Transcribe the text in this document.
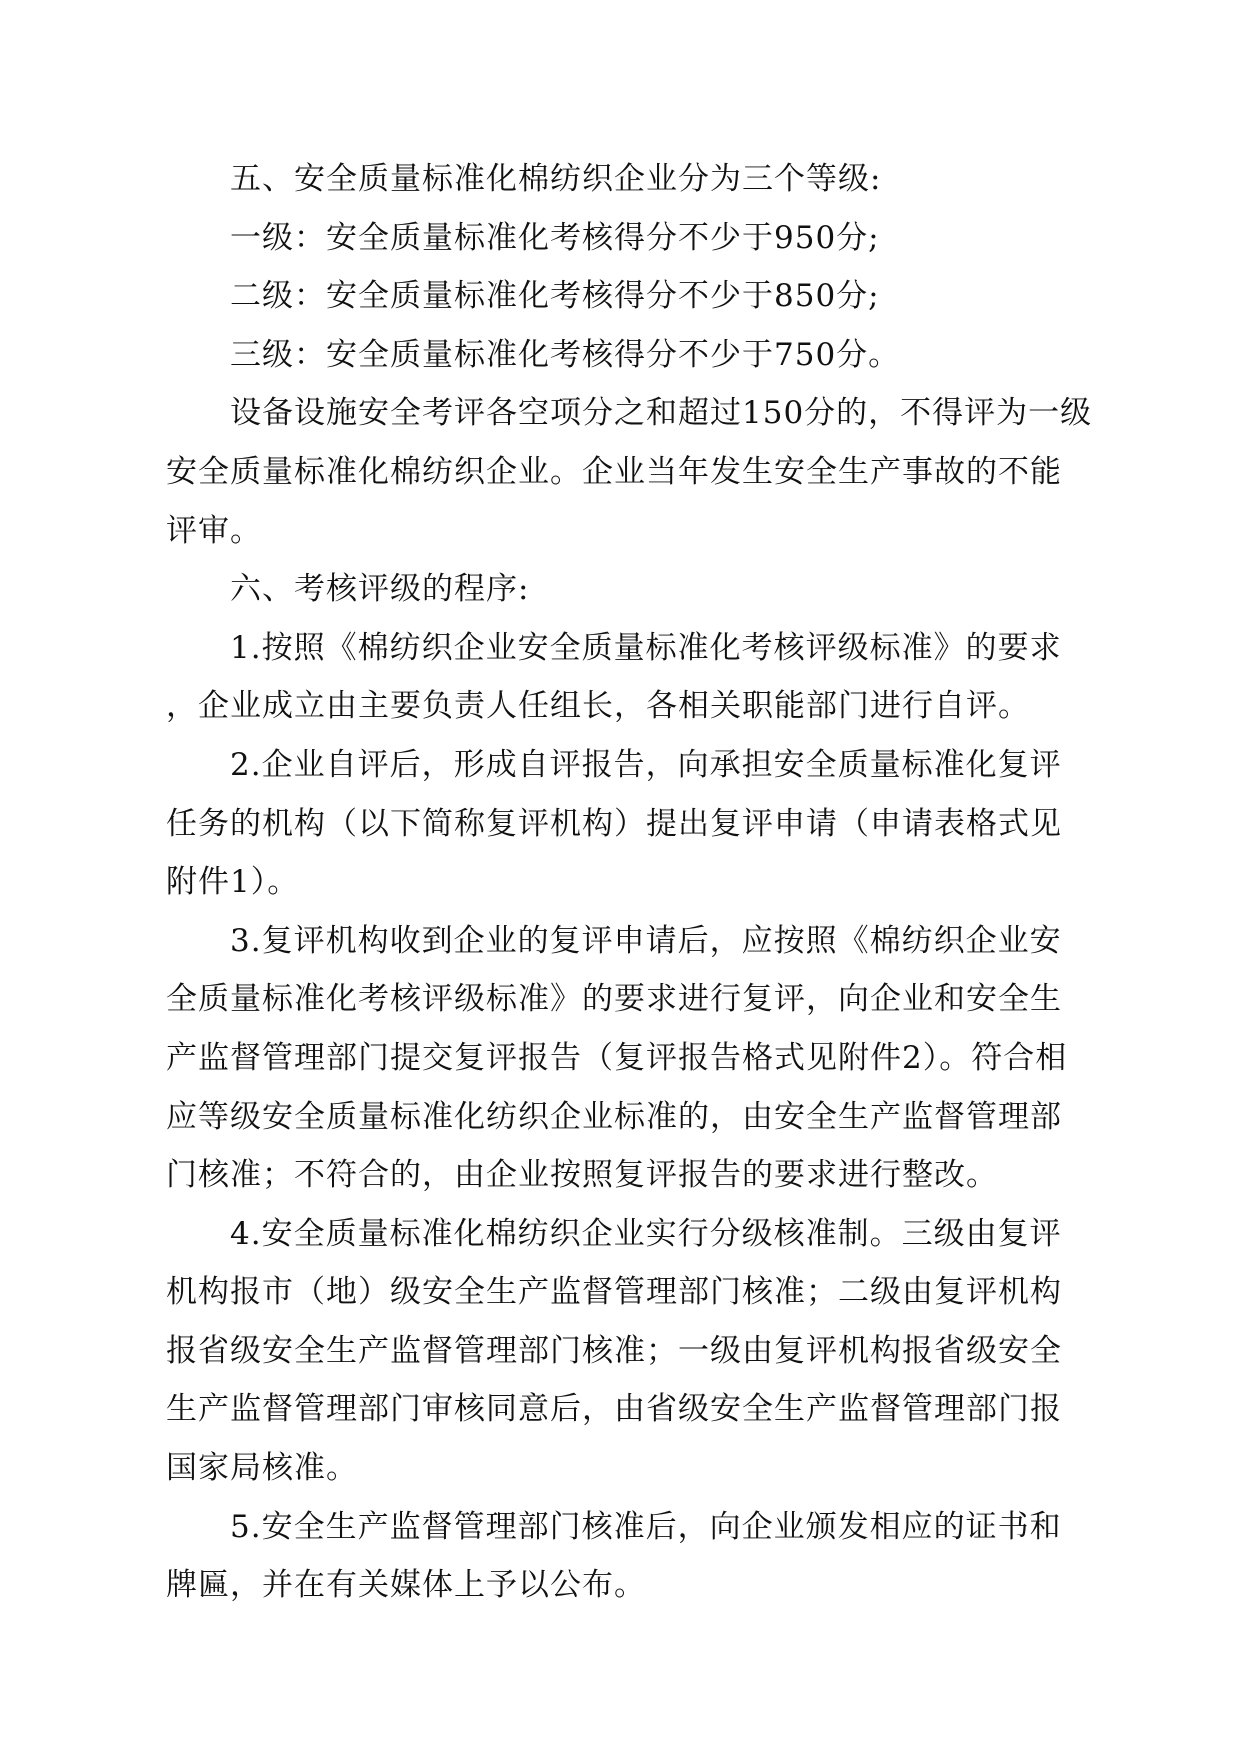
五、安全质量标准化棉纺织企业分为三个等级:
一级：安全质量标准化考核得分不少于950分;
二级：安全质量标准化考核得分不少于850分;
三级：安全质量标准化考核得分不少于750分。
设备设施安全考评各空项分之和超过150分的，不得评为一级
安全质量标准化棉纺织企业。企业当年发生安全生产事故的不能
评审。
六、考核评级的程序:
1.按照《棉纺织企业安全质量标准化考核评级标准》的要求
，企业成立由主要负责人任组长，各相关职能部门进行自评。
2.企业自评后，形成自评报告，向承担安全质量标准化复评
任务的机构（以下简称复评机构）提出复评申请（申请表格式见
附件1）。
3.复评机构收到企业的复评申请后，应按照《棉纺织企业安
全质量标准化考核评级标准》的要求进行复评，向企业和安全生
产监督管理部门提交复评报告（复评报告格式见附件2）。符合相
应等级安全质量标准化纺织企业标准的，由安全生产监督管理部
门核准；不符合的，由企业按照复评报告的要求进行整改。
4.安全质量标准化棉纺织企业实行分级核准制。三级由复评
机构报市（地）级安全生产监督管理部门核准；二级由复评机构
报省级安全生产监督管理部门核准；一级由复评机构报省级安全
生产监督管理部门审核同意后，由省级安全生产监督管理部门报
国家局核准。
5.安全生产监督管理部门核准后，向企业颁发相应的证书和
牌匾，并在有关媒体上予以公布。
